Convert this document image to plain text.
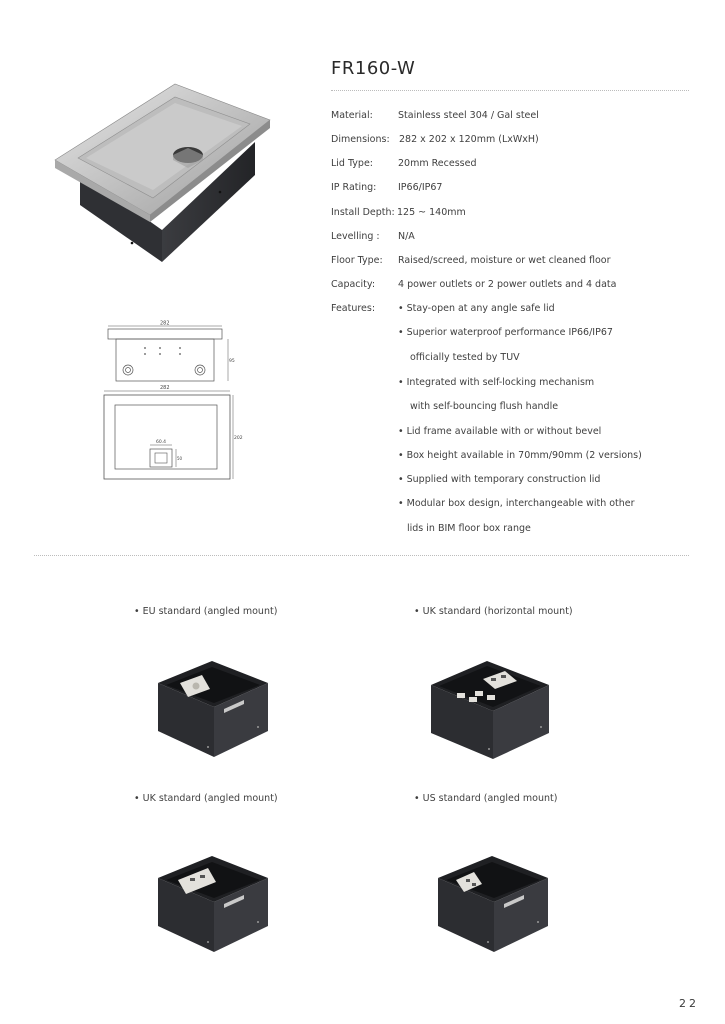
FR160-W
282
95
282
202
60.4
50
Material:	Stainless steel 304 / Gal steel
Dimensions: 282 x 202 x 120mm (LxWxH)
Lid Type:	20mm Recessed
IP Rating: IP66/IP67
Install Depth: 125 ~ 140mm
Levelling : N/A
Floor Type: Raised/screed, moisture or wet cleaned floor
Capacity: 4 power outlets or 2 power outlets and 4 data
Features: • Stay-open at any angle safe lid
• Superior waterproof performance IP66/IP67
officially tested by TUV
• Integrated with self-locking mechanism
with self-bouncing flush handle
• Lid frame available with or without bevel
• Box height available in 70mm/90mm (2 versions)
• Supplied with temporary construction lid
• Modular box design, interchangeable with other
lids in BIM floor box range
• EU standard (angled mount)	• UK standard (horizontal mount)
• UK standard (angled mount)	• US standard (angled mount)
22
